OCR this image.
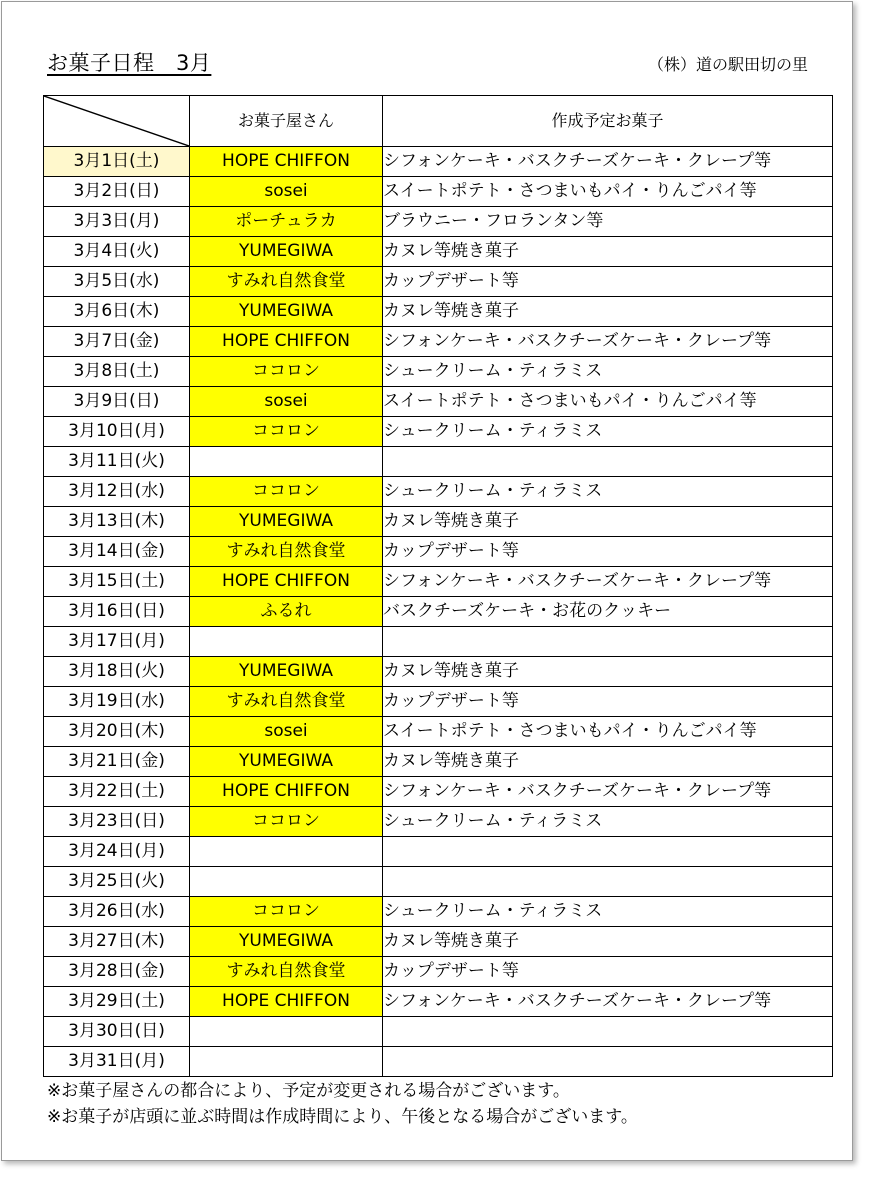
お菓子日程　3月	（株）道の駅田切の里
	お菓子屋さん	作成予定お菓子
3月1日(土)	HOPE CHIFFON	シフォンケーキ・バスクチーズケーキ・クレープ等
3月2日(日)	sosei	スイートポテト・さつまいもパイ・りんごパイ等
3月3日(月)	ポーチュラカ	ブラウニー・フロランタン等
3月4日(火)	YUMEGIWA	カヌレ等焼き菓子
3月5日(水)	すみれ自然食堂	カップデザート等
3月6日(木)	YUMEGIWA	カヌレ等焼き菓子
3月7日(金)	HOPE CHIFFON	シフォンケーキ・バスクチーズケーキ・クレープ等
3月8日(土)	ココロン	シュークリーム・ティラミス
3月9日(日)	sosei	スイートポテト・さつまいもパイ・りんごパイ等
3月10日(月)	ココロン	シュークリーム・ティラミス
3月11日(火)		
3月12日(水)	ココロン	シュークリーム・ティラミス
3月13日(木)	YUMEGIWA	カヌレ等焼き菓子
3月14日(金)	すみれ自然食堂	カップデザート等
3月15日(土)	HOPE CHIFFON	シフォンケーキ・バスクチーズケーキ・クレープ等
3月16日(日)	ふるれ	バスクチーズケーキ・お花のクッキー
3月17日(月)		
3月18日(火)	YUMEGIWA	カヌレ等焼き菓子
3月19日(水)	すみれ自然食堂	カップデザート等
3月20日(木)	sosei	スイートポテト・さつまいもパイ・りんごパイ等
3月21日(金)	YUMEGIWA	カヌレ等焼き菓子
3月22日(土)	HOPE CHIFFON	シフォンケーキ・バスクチーズケーキ・クレープ等
3月23日(日)	ココロン	シュークリーム・ティラミス
3月24日(月)		
3月25日(火)		
3月26日(水)	ココロン	シュークリーム・ティラミス
3月27日(木)	YUMEGIWA	カヌレ等焼き菓子
3月28日(金)	すみれ自然食堂	カップデザート等
3月29日(土)	HOPE CHIFFON	シフォンケーキ・バスクチーズケーキ・クレープ等
3月30日(日)		
3月31日(月)		
※お菓子屋さんの都合により、予定が変更される場合がございます。
※お菓子が店頭に並ぶ時間は作成時間により、午後となる場合がございます。
